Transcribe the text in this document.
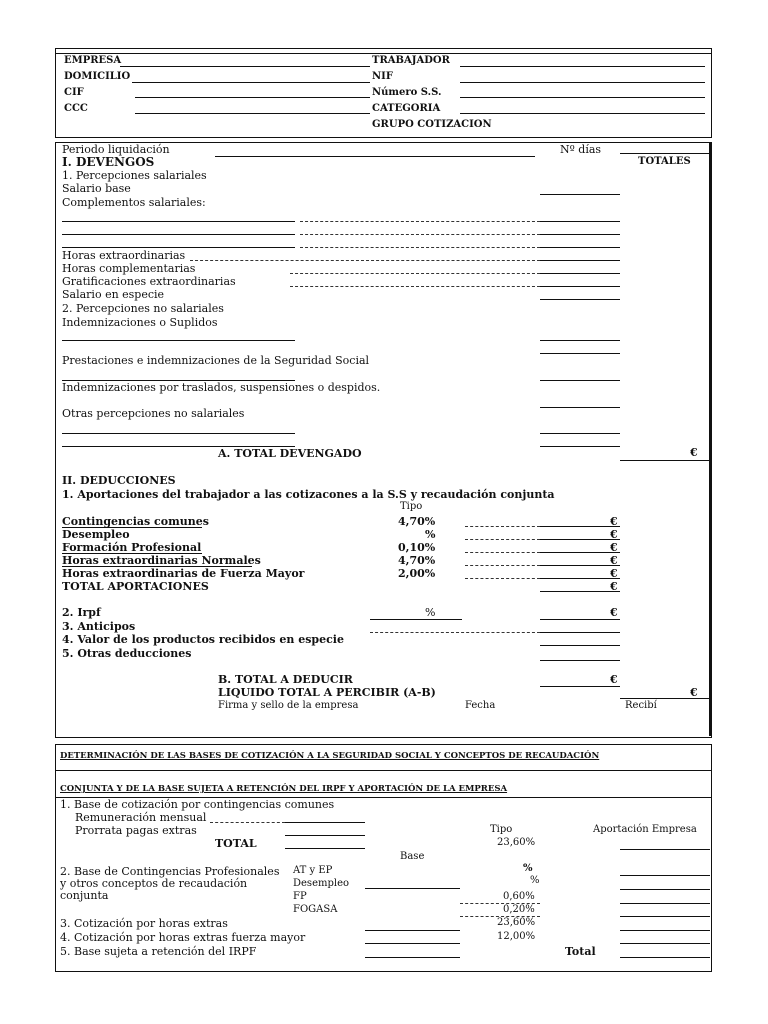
EMPRESA
DOMICILIO
CIF
CCC
TRABAJADOR
NIF
Número S.S.
CATEGORIA
GRUPO COTIZACION
Periodo liquidación	Nº días
I. DEVENGOS	TOTALES
1. Percepciones salariales
Salario base
Complementos salariales:
Horas extraordinarias
Horas complementarias
Gratificaciones extraordinarias
Salario en especie
2. Percepciones no salariales
Indemnizaciones o Suplidos
Prestaciones e indemnizaciones de la Seguridad Social
Indemnizaciones por traslados, suspensiones o despidos.
Otras percepciones no salariales
A. TOTAL DEVENGADO	€
II. DEDUCCIONES
1. Aportaciones del trabajador a las cotizacones a la S.S y recaudación conjunta
Tipo
Contingencias comunes	4,70%	€
Desempleo	%	€
Formación Profesional	0,10%	€
Horas extraordinarias Normales	4,70%	€
Horas extraordinarias de Fuerza Mayor	2,00%	€
TOTAL APORTACIONES	€
2. Irpf	%	€
3. Anticipos
4. Valor de los productos recibidos en especie
5. Otras deducciones
B. TOTAL A DEDUCIR	€
LIQUIDO TOTAL A PERCIBIR (A-B)	€
Firma y sello de la empresa	Fecha	Recibí
DETERMINACIÓN DE LAS BASES DE COTIZACIÓN A LA SEGURIDAD SOCIAL Y CONCEPTOS DE RECAUDACIÓN
CONJUNTA Y DE LA BASE SUJETA A RETENCIÓN DEL IRPF Y APORTACIÓN DE LA EMPRESA
1. Base de cotización por contingencias comunes
Remuneración mensual
Prorrata pagas extras	Tipo	Aportación Empresa
TOTAL	23,60%
Base
2. Base de Contingencias Profesionales
y otros conceptos de recaudación
conjunta
AT y EP	%
Desempleo	%
FP	0,60%
FOGASA	0,20%
3. Cotización por horas extras	23,60%
4. Cotización por horas extras fuerza mayor	12,00%
5. Base sujeta a retención del IRPF	Total
